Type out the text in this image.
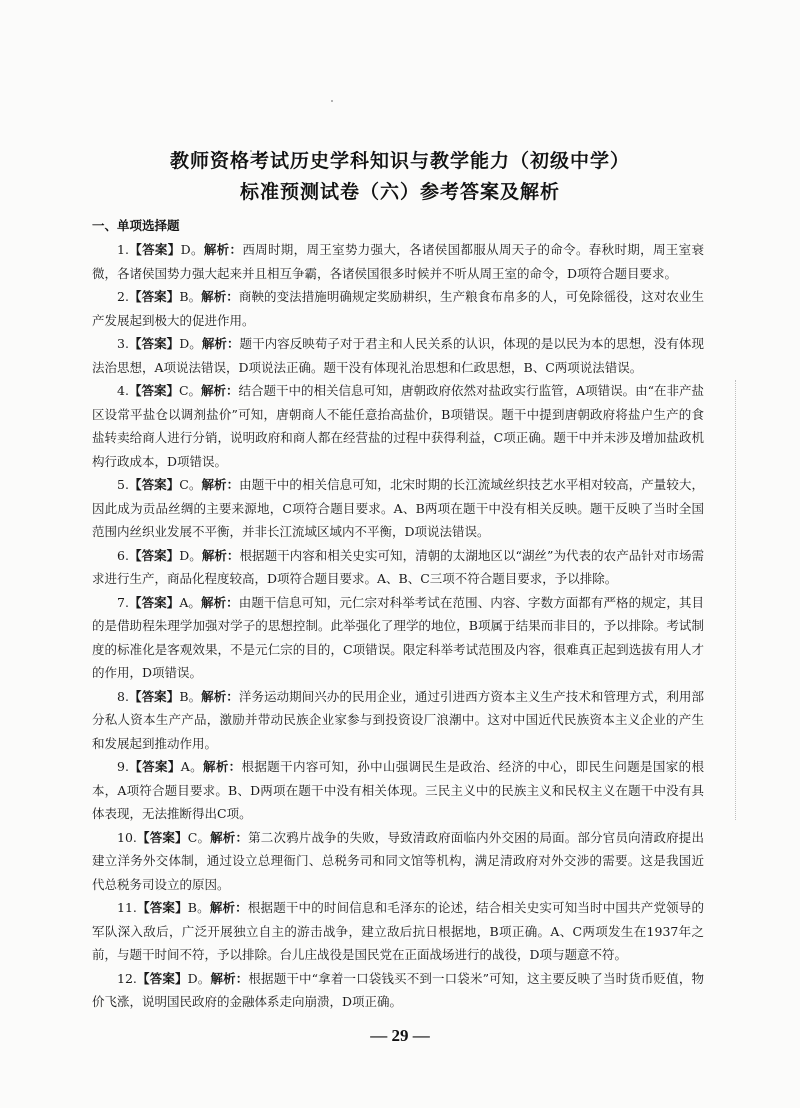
教师资格考试历史学科知识与教学能力（初级中学）
标准预测试卷（六）参考答案及解析
一、单项选择题

1.【答案】D。解析：西周时期，周王室势力强大，各诸侯国都服从周天子的命令。春秋时期，周王室衰微，各诸侯国势力强大起来并且相互争霸，各诸侯国很多时候并不听从周王室的命令，D项符合题目要求。

2.【答案】B。解析：商鞅的变法措施明确规定奖励耕织，生产粮食布帛多的人，可免除徭役，这对农业生产发展起到极大的促进作用。

3.【答案】D。解析：题干内容反映荀子对于君主和人民关系的认识，体现的是以民为本的思想，没有体现法治思想，A项说法错误，D项说法正确。题干没有体现礼治思想和仁政思想，B、C两项说法错误。

4.【答案】C。解析：结合题干中的相关信息可知，唐朝政府依然对盐政实行监管，A项错误。由“在非产盐区设常平盐仓以调剂盐价”可知，唐朝商人不能任意抬高盐价，B项错误。题干中提到唐朝政府将盐户生产的食盐转卖给商人进行分销，说明政府和商人都在经营盐的过程中获得利益，C项正确。题干中并未涉及增加盐政机构行政成本，D项错误。

5.【答案】C。解析：由题干中的相关信息可知，北宋时期的长江流域丝织技艺水平相对较高，产量较大，因此成为贡品丝绸的主要来源地，C项符合题目要求。A、B两项在题干中没有相关反映。题干反映了当时全国范围内丝织业发展不平衡，并非长江流域区域内不平衡，D项说法错误。

6.【答案】D。解析：根据题干内容和相关史实可知，清朝的太湖地区以“湖丝”为代表的农产品针对市场需求进行生产，商品化程度较高，D项符合题目要求。A、B、C三项不符合题目要求，予以排除。

7.【答案】A。解析：由题干信息可知，元仁宗对科举考试在范围、内容、字数方面都有严格的规定，其目的是借助程朱理学加强对学子的思想控制。此举强化了理学的地位，B项属于结果而非目的，予以排除。考试制度的标准化是客观效果，不是元仁宗的目的，C项错误。限定科举考试范围及内容，很难真正起到选拔有用人才的作用，D项错误。

8.【答案】B。解析：洋务运动期间兴办的民用企业，通过引进西方资本主义生产技术和管理方式，利用部分私人资本生产产品，激励并带动民族企业家参与到投资设厂浪潮中。这对中国近代民族资本主义企业的产生和发展起到推动作用。

9.【答案】A。解析：根据题干内容可知，孙中山强调民生是政治、经济的中心，即民生问题是国家的根本，A项符合题目要求。B、D两项在题干中没有相关体现。三民主义中的民族主义和民权主义在题干中没有具体表现，无法推断得出C项。

10.【答案】C。解析：第二次鸦片战争的失败，导致清政府面临内外交困的局面。部分官员向清政府提出建立洋务外交体制，通过设立总理衙门、总税务司和同文馆等机构，满足清政府对外交涉的需要。这是我国近代总税务司设立的原因。

11.【答案】B。解析：根据题干中的时间信息和毛泽东的论述，结合相关史实可知当时中国共产党领导的军队深入敌后，广泛开展独立自主的游击战争，建立敌后抗日根据地，B项正确。A、C两项发生在1937年之前，与题干时间不符，予以排除。台儿庄战役是国民党在正面战场进行的战役，D项与题意不符。

12.【答案】D。解析：根据题干中“拿着一口袋钱买不到一口袋米”可知，这主要反映了当时货币贬值，物价飞涨，说明国民政府的金融体系走向崩溃，D项正确。

— 29 —
